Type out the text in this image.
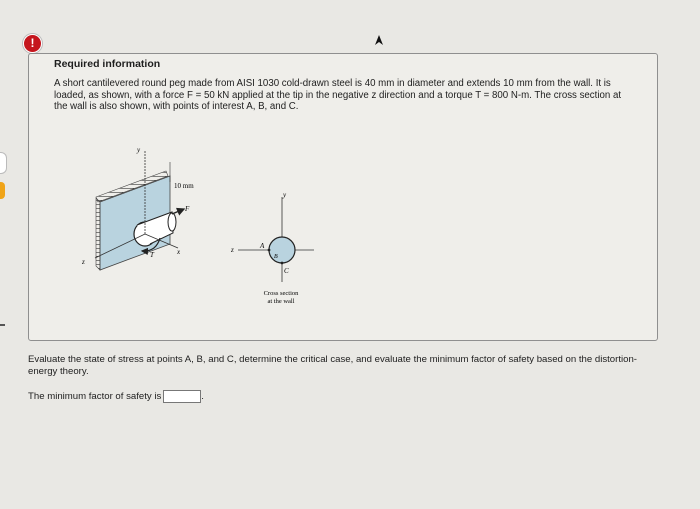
!
Required information
A short cantilevered round peg made from AISI 1030 cold-drawn steel is 40 mm in diameter and extends 10 mm from the wall. It is loaded, as shown, with a force F = 50 kN applied at the tip in the negative z direction and a torque T = 800 N-m. The cross section at the wall is also shown, with points of interest A, B, and C.
y
z
x
F
T
10 mm
y
z	A
B
C
Cross section
at the wall
Evaluate the state of stress at points A, B, and C, determine the critical case, and evaluate the minimum factor of safety based on the distortion-energy theory.
The minimum factor of safety is	.
